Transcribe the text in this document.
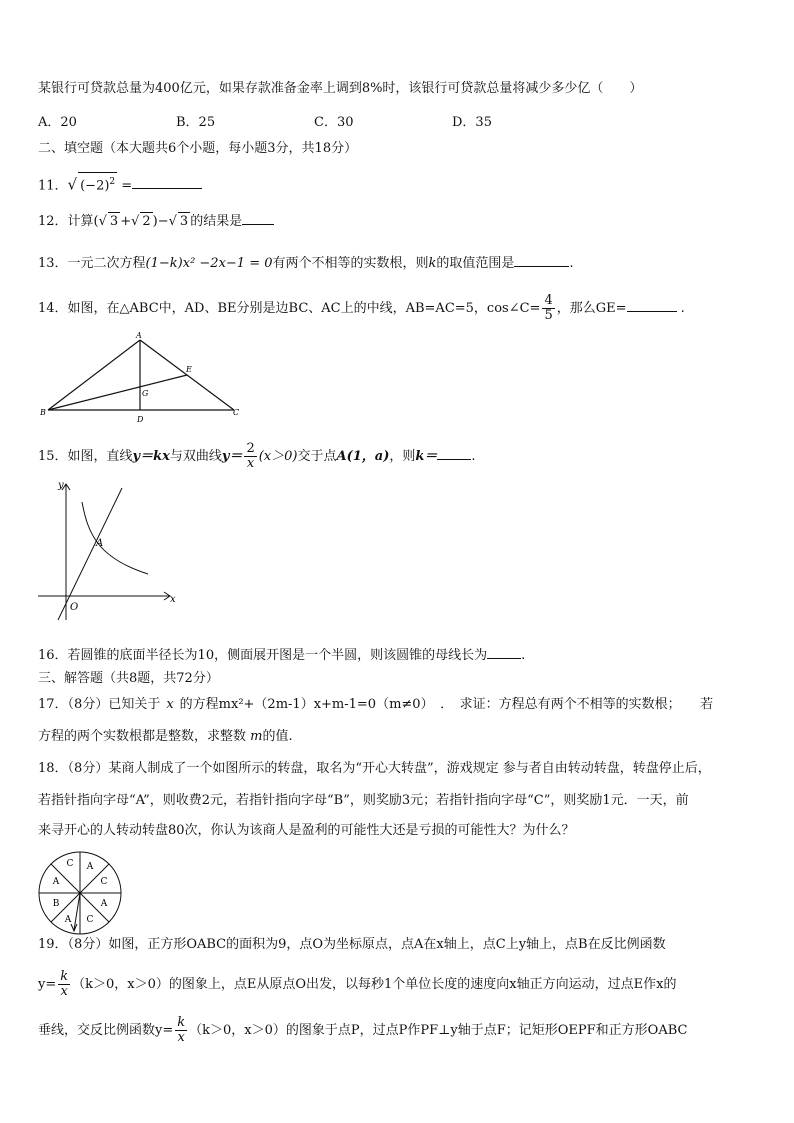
某银行可贷款总量为400亿元，如果存款准备金率上调到8%时，该银行可贷款总量将减少多少亿（　　）
A．20	B．25	C．30	D．35
二、填空题（本大题共6个小题，每小题3分，共18分）
11．√ $(-2)^2$ =
12．计算(√ 3 +√ 2 )−√ 3 的结果是
13．一元二次方程(1−k)x² −2x−1 = 0有两个不相等的实数根，则k的取值范围是	.
14．如图，在△ABC中，AD、BE分别是边BC、AC上的中线，AB=AC=5，cos∠C= $\frac{4}{5}$ ，那么GE=	.
A
B	C
D
E
G
15．如图，直线y＝kx与双曲线$y= \frac{2}{x} (x>0)$交于点A(1，a)，则k＝	.
y
x
O
A
16．若圆锥的底面半径长为10，侧面展开图是一个半圆，则该圆锥的母线长为	.
三、解答题（共8题，共72分）
17．（8分）已知关于 x 的方程mx²+（2m-1）x+m-1=0（m≠0）　．　求证：方程总有两个不相等的实数根；　　若
方程的两个实数根都是整数，求整数 m的值.
18．（8分）某商人制成了一个如图所示的转盘，取名为“开心大转盘”，游戏规定 参与者自由转动转盘，转盘停止后，
若指针指向字母“A”，则收费2元，若指针指向字母“B”，则奖励3元；若指针指向字母“C”，则奖励1元．一天，前
来寻开心的人转动转盘80次，你认为该商人是盈利的可能性大还是亏损的可能性大？为什么？
C A
C
A
C
A
B
A
19．（8分）如图，正方形OABC的面积为9，点O为坐标原点，点A在x轴上，点C上y轴上，点B在反比例函数
$y= \frac{k}{x} (k>0$，x＞0）的图象上，点E从原点O出发，以每秒1个单位长度的速度向x轴正方向运动，过点E作x的
垂线，交反比例函数$y= \frac{k}{x} (k>0$，x＞0）的图象于点P，过点P作PF⊥y轴于点F；记矩形OEPF和正方形OABC
